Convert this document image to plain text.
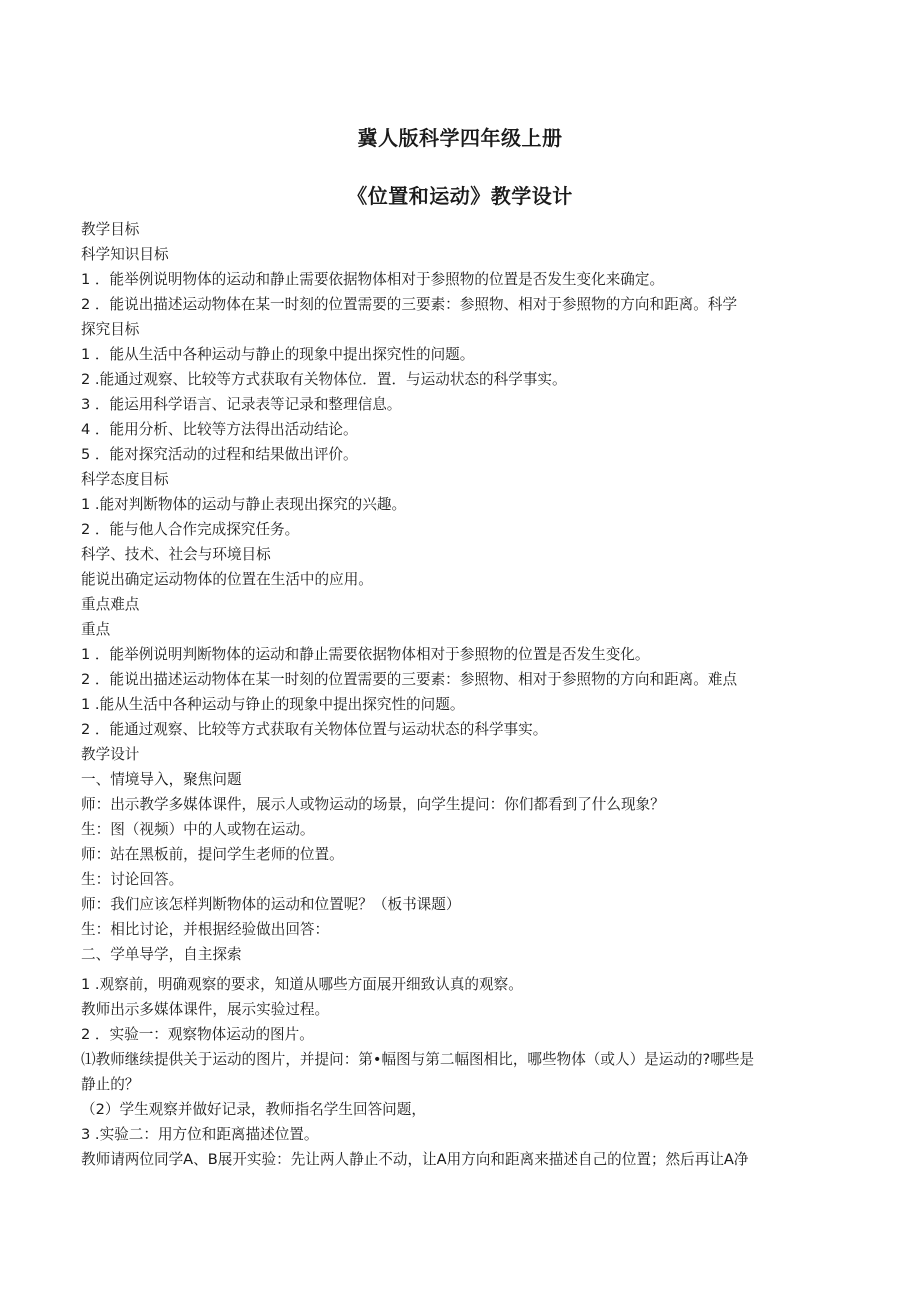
冀人版科学四年级上册
《位置和运动》教学设计
教学目标
科学知识目标
1 ．能举例说明物体的运动和静止需要依据物体相对于参照物的位置是否发生变化来确定。
2 ．能说出描述运动物体在某一时刻的位置需要的三要素：参照物、相对于参照物的方向和距离。科学
探究目标
1 ．能从生活中各种运动与静止的现象中提出探究性的问题。
2 .能通过观察、比较等方式获取有关物体位．置．与运动状态的科学事实。
3 ．能运用科学语言、记录表等记录和整理信息。
4 ．能用分析、比较等方法得出活动结论。
5 ．能对探究活动的过程和结果做出评价。
科学态度目标
1 .能对判断物体的运动与静止表现出探究的兴趣。
2 ．能与他人合作完成探究任务。
科学、技术、社会与环境目标
能说出确定运动物体的位置在生活中的应用。
重点难点
重点
1 ．能举例说明判断物体的运动和静止需要依据物体相对于参照物的位置是否发生变化。
2 ．能说出描述运动物体在某一时刻的位置需要的三要素：参照物、相对于参照物的方向和距离。难点
1 .能从生活中各种运动与铮止的现象中提出探究性的问题。
2 ．能通过观察、比较等方式获取有关物体位置与运动状态的科学事实。
教学设计
一、情境导入，聚焦问题
师：出示教学多媒体课件，展示人或物运动的场景，向学生提问：你们都看到了什么现象？
生：图（视频）中的人或物在运动。
师：站在黑板前，提问学生老师的位置。
生：讨论回答。
师：我们应该怎样判断物体的运动和位置呢？（板书课题）
生：相比讨论，并根据经验做出回答：
二、学单导学，自主探索
1 .观察前，明确观察的要求，知道从哪些方面展开细致认真的观察。
教师出示多媒体课件，展示实验过程。
2 ．实验一：观察物体运动的图片。
⑴教师继续提供关于运动的图片，并提问：第•幅图与第二幅图相比，哪些物体（或人）是运动的?哪些是
静止的？
（2）学生观察并做好记录，教师指名学生回答问题，
3 .实验二：用方位和距离描述位置。
教师请两位同学A、B展开实验：先让两人静止不动，让A用方向和距离来描述自己的位置；然后再让A净
